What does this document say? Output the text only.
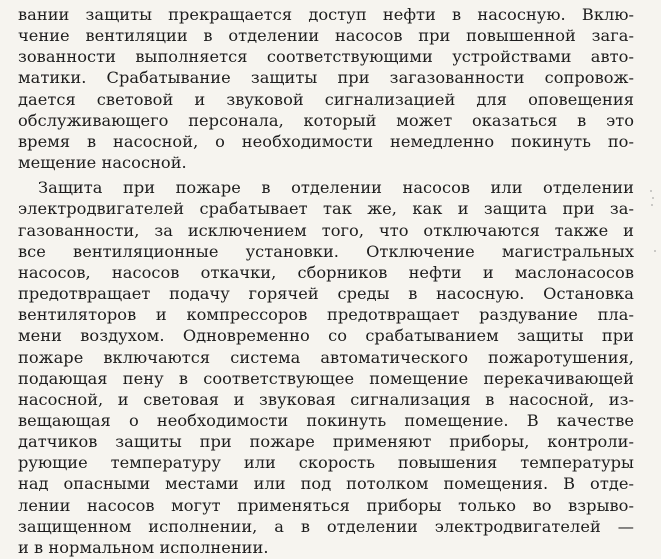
вании защиты прекращается доступ нефти в насосную. Вклю-
чение вентиляции в отделении насосов при повышенной зага-
зованности выполняется соответствующими устройствами авто-
матики. Срабатывание защиты при загазованности сопровож-
дается световой и звуковой сигнализацией для оповещения
обслуживающего персонала, который может оказаться в это
время в насосной, о необходимости немедленно покинуть по-
мещение насосной.
Защита при пожаре в отделении насосов или отделении
электродвигателей срабатывает так же, как и защита при за-
газованности, за исключением того, что отключаются также и
все вентиляционные установки. Отключение магистральных
насосов, насосов откачки, сборников нефти и маслонасосов
предотвращает подачу горячей среды в насосную. Остановка
вентиляторов и компрессоров предотвращает раздувание пла-
мени воздухом. Одновременно со срабатыванием защиты при
пожаре включаются система автоматического пожаротушения,
подающая пену в соответствующее помещение перекачивающей
насосной, и световая и звуковая сигнализация в насосной, из-
вещающая о необходимости покинуть помещение. В качестве
датчиков защиты при пожаре применяют приборы, контроли-
рующие температуру или скорость повышения температуры
над опасными местами или под потолком помещения. В отде-
лении насосов могут применяться приборы только во взрыво-
защищенном исполнении, а в отделении электродвигателей —
и в нормальном исполнении.
